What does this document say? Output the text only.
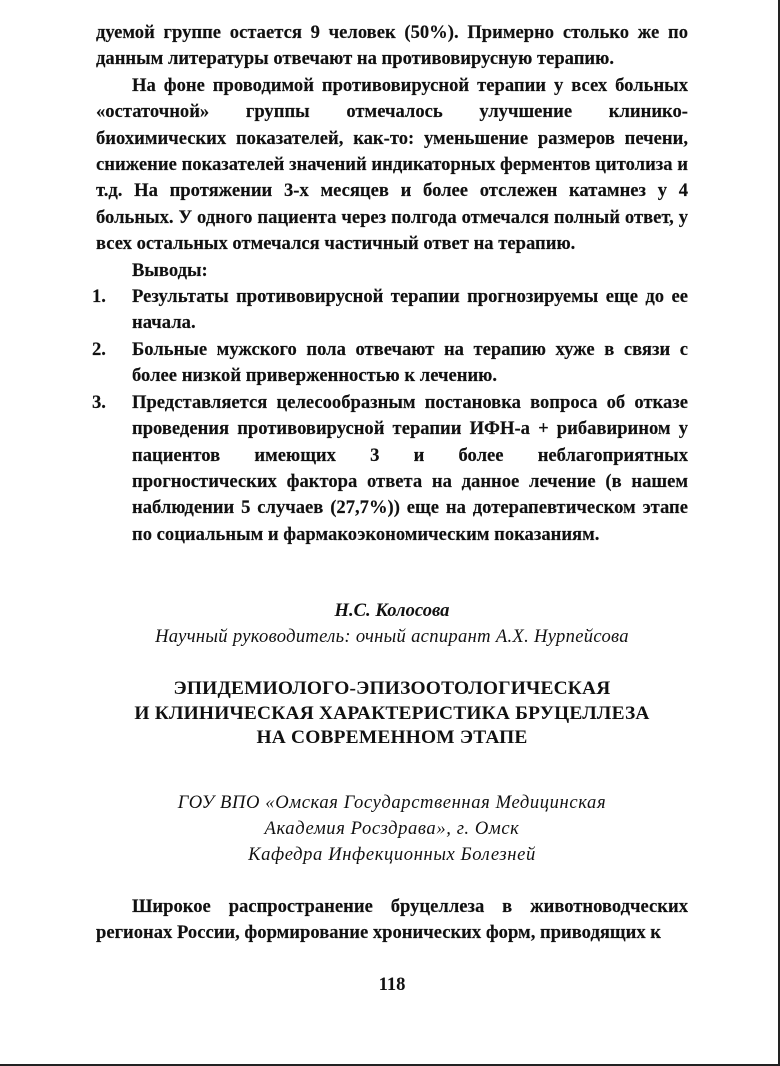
дуемой группе остается 9 человек (50%). Примерно столько же по данным литературы отвечают на противовирусную терапию.

На фоне проводимой противовирусной терапии у всех больных «остаточной» группы отмечалось улучшение клинико-биохимических показателей, как-то: уменьшение размеров печени, снижение показателей значений индикаторных ферментов цитолиза и т.д. На протяжении 3-х месяцев и более отслежен катамнез у 4 больных. У одного пациента через полгода отмечался полный ответ, у всех остальных отмечался частичный ответ на терапию.

Выводы:

1. Результаты противовирусной терапии прогнозируемы еще до ее начала.
2. Больные мужского пола отвечают на терапию хуже в связи с более низкой приверженностью к лечению.
3. Представляется целесообразным постановка вопроса об отказе проведения противовирусной терапии ИФН-а + рибавирином у пациентов имеющих 3 и более неблагоприятных прогностических фактора ответа на данное лечение (в нашем наблюдении 5 случаев (27,7%)) еще на дотерапевтическом этапе по социальным и фармакоэкономическим показаниям.

Н.С. Колосова

Научный руководитель: очный аспирант А.Х. Нурпейсова

ЭПИДЕМИОЛОГО-ЭПИЗООТОЛОГИЧЕСКАЯ
И КЛИНИЧЕСКАЯ ХАРАКТЕРИСТИКА БРУЦЕЛЛЕЗА
НА СОВРЕМЕННОМ ЭТАПЕ

ГОУ ВПО «Омская Государственная Медицинская
Академия Росздрава», г. Омск
Кафедра Инфекционных Болезней

Широкое распространение бруцеллеза в животноводческих регионах России, формирование хронических форм, приводящих к

118
